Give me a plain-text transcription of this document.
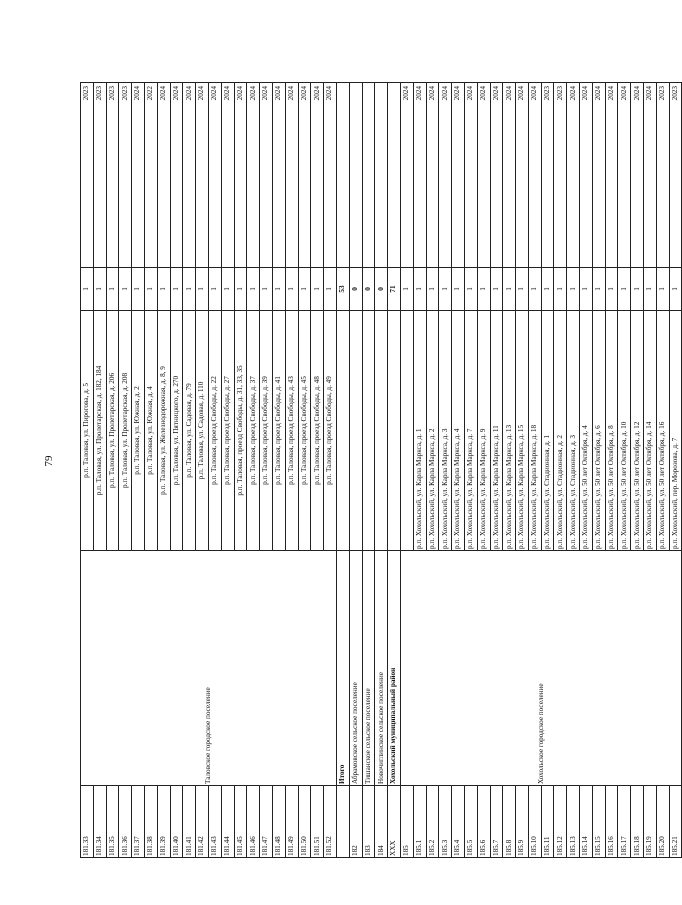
79
181.33	Таловское городское поселение	р.п. Таловая, ул. Пирогова, д. 5	1	2023
181.34		р.п. Таловая, ул. Пролетарская, д. 182, 184	1	2023
181.35		р.п. Таловая, ул. Пролетарская, д. 206	1	2023
181.36		р.п. Таловая, ул. Пролетарская, д. 208	1	2023
181.37		р.п. Таловая, ул. Южная, д. 2	1	2024
181.38		р.п. Таловая, ул. Южная, д. 4	1	2022
181.39		р.п. Таловая, ул. Железнодорожная, д. 8, 9	1	2024
181.40		р.п. Таловая, ул. Пятницкого, д. 270	1	2024
181.41		р.п. Таловая, ул. Садовая, д. 79	1	2024
181.42		р.п. Таловая, ул. Садовая, д. 110	1	2024
181.43		р.п. Таловая, проезд Свободы, д. 22	1	2024
181.44		р.п. Таловая, проезд Свободы, д. 27	1	2024
181.45		р.п. Таловая, проезд Свободы, д. 31, 33, 35	1	2024
181.46		р.п. Таловая, проезд Свободы, д. 37	1	2024
181.47		р.п. Таловая, проезд Свободы, д. 39	1	2024
181.48		р.п. Таловая, проезд Свободы, д. 41	1	2024
181.49		р.п. Таловая, проезд Свободы, д. 43	1	2024
181.50		р.п. Таловая, проезд Свободы, д. 45	1	2024
181.51		р.п. Таловая, проезд Свободы, д. 48	1	2024
181.52		р.п. Таловая, проезд Свободы, д. 49	1	2024
	Итого		53	
182	Абрамовское сельское поселение		0	
183	Тишанское сельское поселение		0	
184	Новочиглинское сельское поселение		0	
XXX	Хохольский муниципальный район		71	
185	Хохольское городское поселение		1	2024
185.1		р.п. Хохольский, ул. Карла Маркса, д. 1	1	2024
185.2		р.п. Хохольский, ул. Карла Маркса, д. 2	1	2024
185.3		р.п. Хохольский, ул. Карла Маркса, д. 3	1	2024
185.4		р.п. Хохольский, ул. Карла Маркса, д. 4	1	2024
185.5		р.п. Хохольский, ул. Карла Маркса, д. 7	1	2024
185.6		р.п. Хохольский, ул. Карла Маркса, д. 9	1	2024
185.7		р.п. Хохольский, ул. Карла Маркса, д. 11	1	2024
185.8		р.п. Хохольский, ул. Карла Маркса, д. 13	1	2024
185.9		р.п. Хохольский, ул. Карла Маркса, д. 15	1	2024
185.10		р.п. Хохольский, ул. Карла Маркса, д. 18	1	2024
185.11		р.п. Хохольский, ул. Стадионная, д. 1	1	2023
185.12		р.п. Хохольский, ул. Стадионная, д. 2	1	2023
185.13		р.п. Хохольский, ул. Стадионная, д. 3	1	2024
185.14		р.п. Хохольский, ул. 50 лет Октября, д. 4	1	2024
185.15		р.п. Хохольский, ул. 50 лет Октября, д. 6	1	2024
185.16		р.п. Хохольский, ул. 50 лет Октября, д. 8	1	2024
185.17		р.п. Хохольский, ул. 50 лет Октября, д. 10	1	2024
185.18		р.п. Хохольский, ул. 50 лет Октября, д. 12	1	2024
185.19		р.п. Хохольский, ул. 50 лет Октября, д. 14	1	2024
185.20		р.п. Хохольский, ул. 50 лет Октября, д. 16	1	2023
185.21		р.п. Хохольский, пер. Морозова, д. 7	1	2023
